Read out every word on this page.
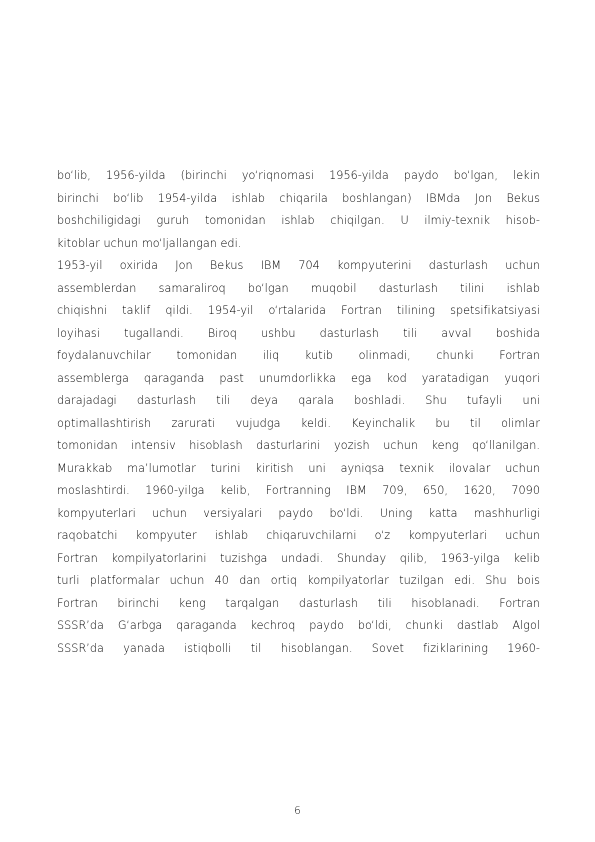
bo‘lib, 1956-yilda (birinchi yo‘riqnomasi 1956-yilda paydo bo‘lgan, lekin
birinchi bo‘lib 1954-yilda ishlab chiqarila boshlangan) IBMda Jon Bekus
boshchiligidagi guruh tomonidan ishlab chiqilgan. U ilmiy-texnik hisob-
kitoblar uchun mo‘ljallangan edi.
1953-yil oxirida Jon Bekus IBM 704 kompyuterini dasturlash uchun
assemblerdan samaraliroq bo‘lgan muqobil dasturlash tilini ishlab
chiqishni taklif qildi. 1954-yil o‘rtalarida Fortran tilining spetsifikatsiyasi
loyihasi tugallandi. Biroq ushbu dasturlash tili avval boshida
foydalanuvchilar tomonidan iliq kutib olinmadi, chunki Fortran
assemblerga qaraganda past unumdorlikka ega kod yaratadigan yuqori
darajadagi dasturlash tili deya qarala boshladi. Shu tufayli uni
optimallashtirish zarurati vujudga keldi. Keyinchalik bu til olimlar
tomonidan intensiv hisoblash dasturlarini yozish uchun keng qo‘llanilgan.
Murakkab ma’lumotlar turini kiritish uni ayniqsa texnik ilovalar uchun
moslashtirdi. 1960-yilga kelib, Fortranning IBM 709, 650, 1620, 7090
kompyuterlari uchun versiyalari paydo bo‘ldi. Uning katta mashhurligi
raqobatchi kompyuter ishlab chiqaruvchilarni o‘z kompyuterlari uchun
Fortran kompilyatorlarini tuzishga undadi. Shunday qilib, 1963-yilga kelib
turli platformalar uchun 40 dan ortiq kompilyatorlar tuzilgan edi. Shu bois
Fortran birinchi keng tarqalgan dasturlash tili hisoblanadi. Fortran
SSSR’da G‘arbga qaraganda kechroq paydo bo‘ldi, chunki dastlab Algol
SSSR’da yanada istiqbolli til hisoblangan. Sovet fiziklarining 1960-
6
